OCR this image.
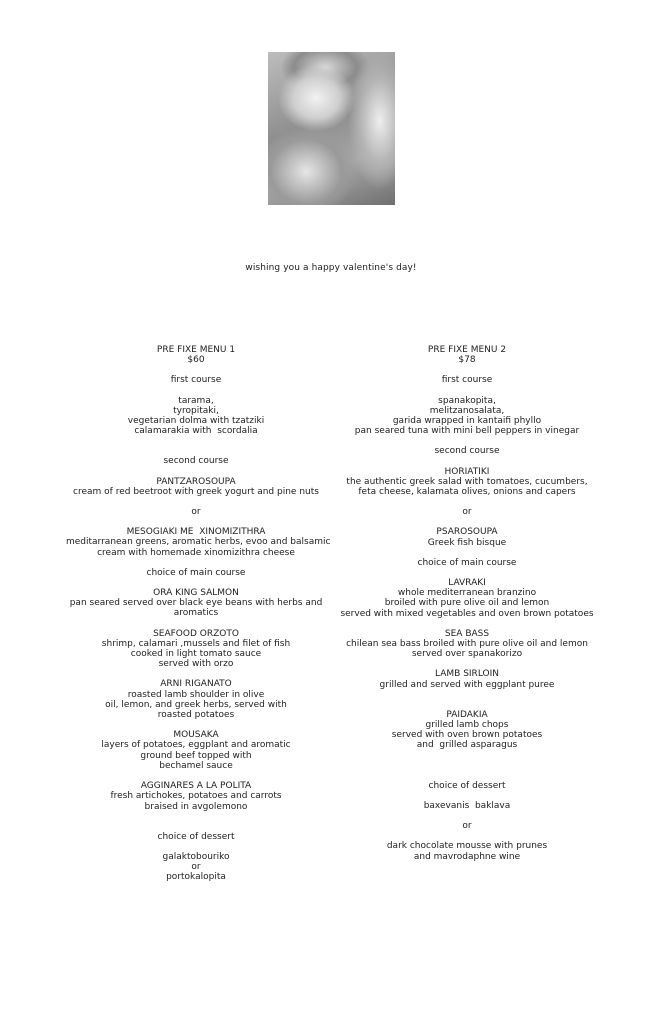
wishing you a happy valentine's day!
PRE FIXE MENU 1
$60
first course
tarama,
tyropitaki,
vegetarian dolma with tzatziki
calamarakia with  scordalia
second course
PANTZAROSOUPA
cream of red beetroot with greek yogurt and pine nuts
or
MESOGIAKI ME  XINOMIZITHRA
meditarranean greens, aromatic herbs, evoo and balsamic
cream with homemade xinomizithra cheese
choice of main course
ORA KING SALMON
pan seared served over black eye beans with herbs and
aromatics
SEAFOOD ORZOTO
shrimp, calamari ,mussels and filet of fish
cooked in light tomato sauce
served with orzo
ARNI RIGANATO
roasted lamb shoulder in olive
oil, lemon, and greek herbs, served with
roasted potatoes
MOUSAKA
layers of potatoes, eggplant and aromatic
ground beef topped with
bechamel sauce
AGGINARES A LA POLITA
fresh artichokes, potatoes and carrots
braised in avgolemono
choice of dessert
galaktobouriko
or
portokalopita
PRE FIXE MENU 2
$78
first course
spanakopita,
melitzanosalata,
garida wrapped in kantaifi phyllo
pan seared tuna with mini bell peppers in vinegar
second course
HORIATIKI
the authentic greek salad with tomatoes, cucumbers,
feta cheese, kalamata olives, onions and capers
or
PSAROSOUPA
Greek fish bisque
choice of main course
LAVRAKI
whole mediterranean branzino
broiled with pure olive oil and lemon
served with mixed vegetables and oven brown potatoes
SEA BASS
chilean sea bass broiled with pure olive oil and lemon
served over spanakorizo
LAMB SIRLOIN
grilled and served with eggplant puree
PAIDAKIA
grilled lamb chops
served with oven brown potatoes
and  grilled asparagus
choice of dessert
baxevanis  baklava
or
dark chocolate mousse with prunes
and mavrodaphne wine
